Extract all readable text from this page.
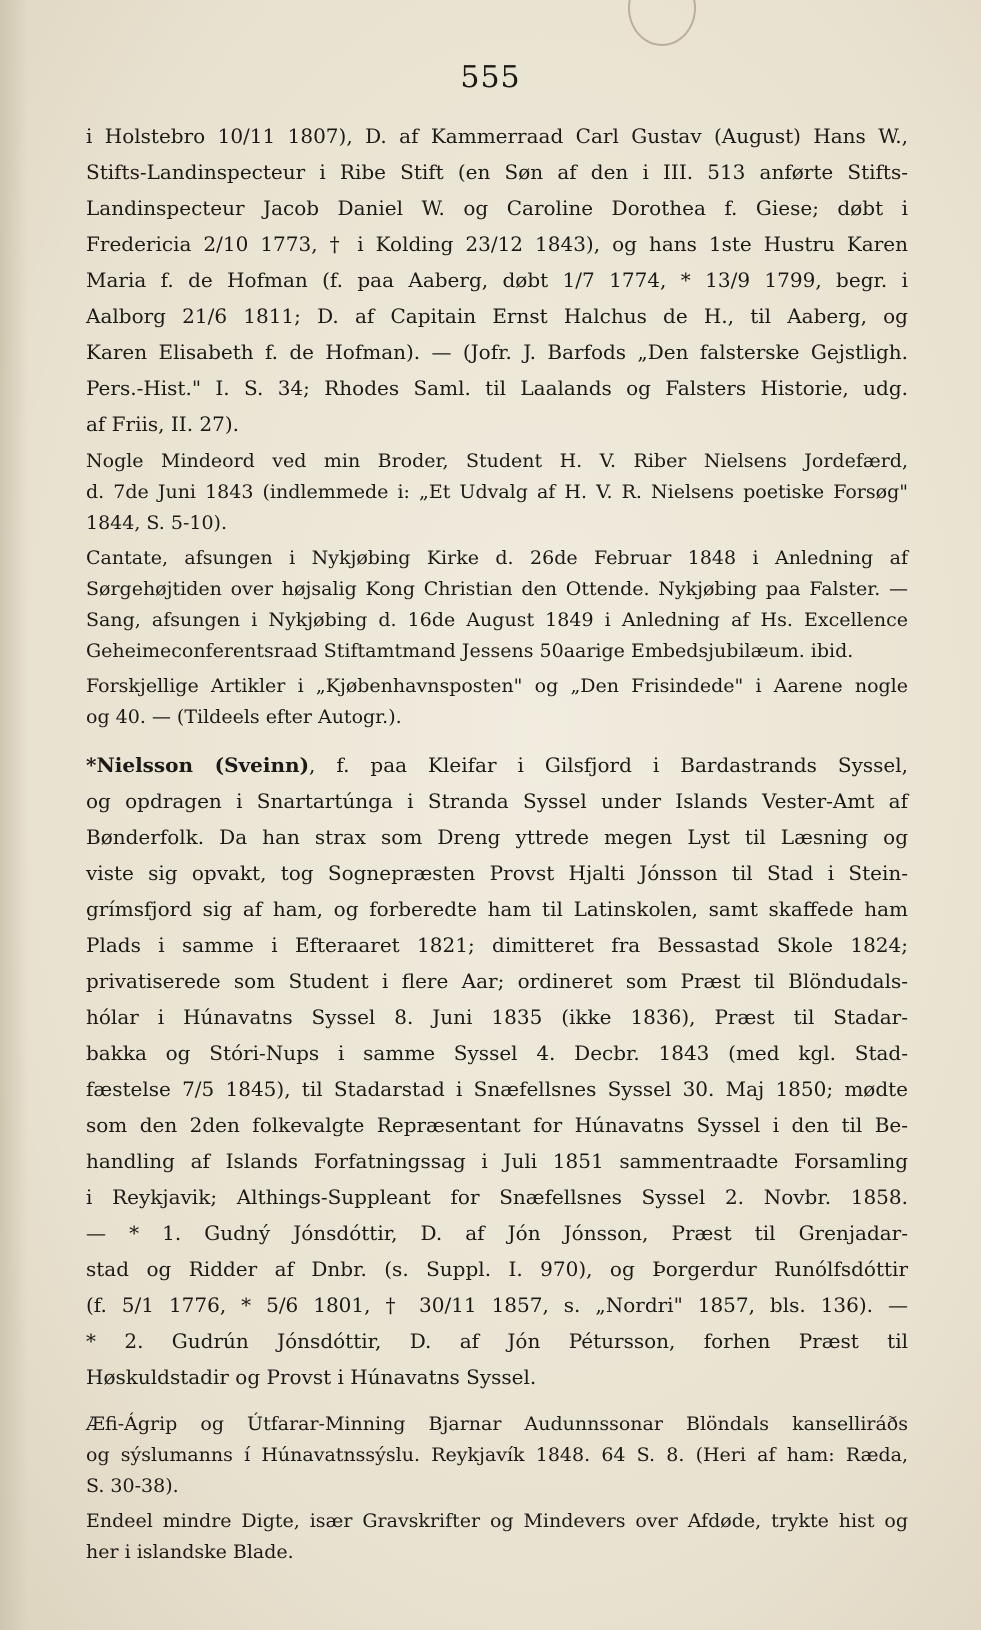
555
i Holstebro 10/11 1807), D. af Kammerraad Carl Gustav (August) Hans W.,
Stifts-Landinspecteur i Ribe Stift (en Søn af den i III. 513 anførte Stifts-
Landinspecteur Jacob Daniel W. og Caroline Dorothea f. Giese; døbt i
Fredericia 2/10 1773, † i Kolding 23/12 1843), og hans 1ste Hustru Karen
Maria f. de Hofman (f. paa Aaberg, døbt 1/7 1774, * 13/9 1799, begr. i
Aalborg 21/6 1811; D. af Capitain Ernst Halchus de H., til Aaberg, og
Karen Elisabeth f. de Hofman). — (Jofr. J. Barfods „Den falsterske Gejstligh.
Pers.-Hist." I. S. 34; Rhodes Saml. til Laalands og Falsters Historie, udg.
af Friis, II. 27).
Nogle Mindeord ved min Broder, Student H. V. Riber Nielsens Jordefærd,
d. 7de Juni 1843 (indlemmede i: „Et Udvalg af H. V. R. Nielsens poetiske Forsøg"
1844, S. 5-10).
Cantate, afsungen i Nykjøbing Kirke d. 26de Februar 1848 i Anledning af
Sørgehøjtiden over højsalig Kong Christian den Ottende. Nykjøbing paa Falster. —
Sang, afsungen i Nykjøbing d. 16de August 1849 i Anledning af Hs. Excellence
Geheimeconferentsraad Stiftamtmand Jessens 50aarige Embedsjubilæum. ibid.
Forskjellige Artikler i „Kjøbenhavnsposten" og „Den Frisindede" i Aarene nogle
og 40. — (Tildeels efter Autogr.).
*Nielsson (Sveinn), f. paa Kleifar i Gilsfjord i Bardastrands Syssel,
og opdragen i Snartartúnga i Stranda Syssel under Islands Vester-Amt af
Bønderfolk. Da han strax som Dreng yttrede megen Lyst til Læsning og
viste sig opvakt, tog Sognepræsten Provst Hjalti Jónsson til Stad i Stein-
grímsfjord sig af ham, og forberedte ham til Latinskolen, samt skaffede ham
Plads i samme i Efteraaret 1821; dimitteret fra Bessastad Skole 1824;
privatiserede som Student i flere Aar; ordineret som Præst til Blöndudals-
hólar i Húnavatns Syssel 8. Juni 1835 (ikke 1836), Præst til Stadar-
bakka og Stóri-Nups i samme Syssel 4. Decbr. 1843 (med kgl. Stad-
fæstelse 7/5 1845), til Stadarstad i Snæfellsnes Syssel 30. Maj 1850; mødte
som den 2den folkevalgte Repræsentant for Húnavatns Syssel i den til Be-
handling af Islands Forfatningssag i Juli 1851 sammentraadte Forsamling
i Reykjavik; Althings-Suppleant for Snæfellsnes Syssel 2. Novbr. 1858.
— * 1. Gudný Jónsdóttir, D. af Jón Jónsson, Præst til Grenjadar-
stad og Ridder af Dnbr. (s. Suppl. I. 970), og Þorgerdur Runólfsdóttir
(f. 5/1 1776, * 5/6 1801, † 30/11 1857, s. „Nordri" 1857, bls. 136). —
* 2. Gudrún Jónsdóttir, D. af Jón Pétursson, forhen Præst til
Høskuldstadir og Provst i Húnavatns Syssel.
Æfi-Ágrip og Útfarar-Minning Bjarnar Audunnssonar Blöndals kanselliráðs
og sýslumanns í Húnavatnssýslu. Reykjavík 1848. 64 S. 8. (Heri af ham: Ræda,
S. 30-38).
Endeel mindre Digte, især Gravskrifter og Mindevers over Afdøde, trykte hist og
her i islandske Blade.
